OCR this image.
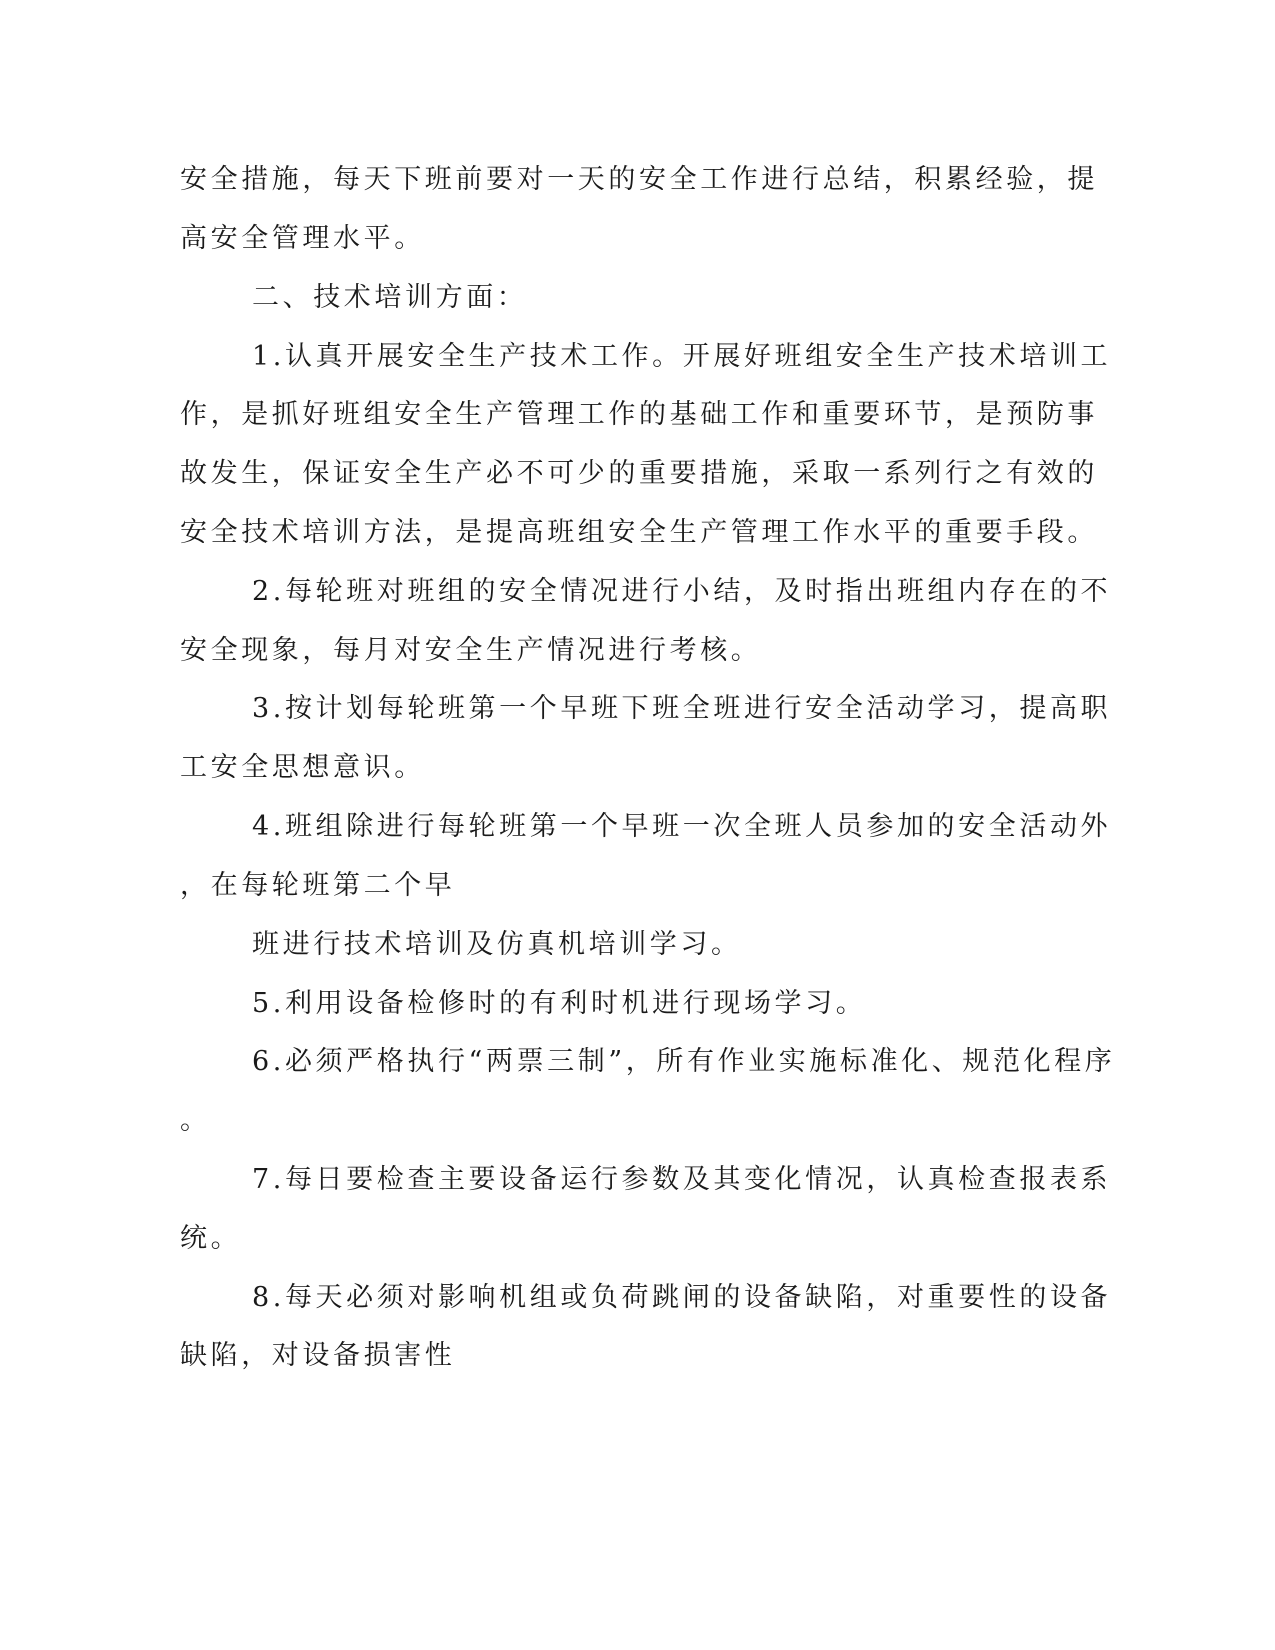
安全措施，每天下班前要对一天的安全工作进行总结，积累经验，提
高安全管理水平。
二、技术培训方面：
1.认真开展安全生产技术工作。开展好班组安全生产技术培训工
作，是抓好班组安全生产管理工作的基础工作和重要环节，是预防事
故发生，保证安全生产必不可少的重要措施，采取一系列行之有效的
安全技术培训方法，是提高班组安全生产管理工作水平的重要手段。
2.每轮班对班组的安全情况进行小结，及时指出班组内存在的不
安全现象，每月对安全生产情况进行考核。
3.按计划每轮班第一个早班下班全班进行安全活动学习，提高职
工安全思想意识。
4.班组除进行每轮班第一个早班一次全班人员参加的安全活动外
，在每轮班第二个早
班进行技术培训及仿真机培训学习。
5.利用设备检修时的有利时机进行现场学习。
6.必须严格执行“两票三制”，所有作业实施标准化、规范化程序
。
7.每日要检查主要设备运行参数及其变化情况，认真检查报表系
统。
8.每天必须对影响机组或负荷跳闸的设备缺陷，对重要性的设备
缺陷，对设备损害性
